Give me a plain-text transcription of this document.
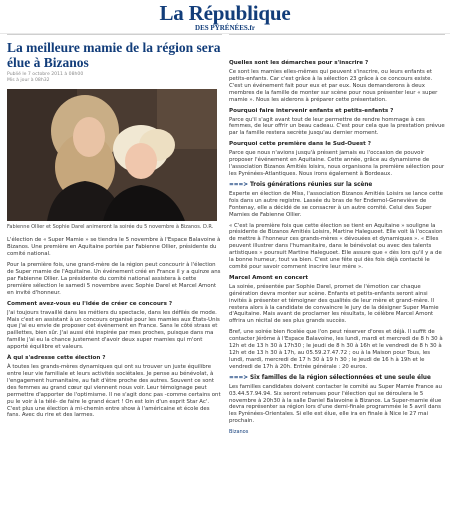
La République
DES PYRÉNÉES.fr
La meilleure mamie de la région sera élue à Bizanos
Publié le 7 octobre 2011 à 08h00
Mis à jour à 08h32
Fabienne Ollier et Sophie Darel animeront la soirée du 5 novembre à Bizanos. D.R.

L'élection de « Super Mamie » se tiendra le 5 novembre à l'Espace Balavoine à Bizanos. Une première en Aquitaine portée par Fabienne Ollier, présidente du comité national.

Pour la première fois, une grand-mère de la région peut concourir à l'élection de Super mamie de l'Aquitaine. Un événement créé en France il y a quinze ans par Fabienne Ollier. La présidente du comité national assistera à cette première sélection le samedi 5 novembre avec Sophie Darel et Marcel Amont en invité d'honneur.

Comment avez-vous eu l'idée de créer ce concours ?

J'ai toujours travaillé dans les métiers du spectacle, dans les défilés de mode. Mais c'est en assistant à un concours organisé pour les mamies aux États-Unis que j'ai eu envie de proposer cet événement en France. Sans le côté strass et paillettes, bien sûr. J'ai aussi été inspirée par mes proches, puisque dans ma famille j'ai eu la chance justement d'avoir deux super mamies qui m'ont apporté équilibre et valeurs.

À qui s'adresse cette élection ?

À toutes les grands-mères dynamiques qui ont su trouver un juste équilibre entre leur vie familiale et leurs activités sociétales. Je pense au bénévolat, à l'engagement humanitaire, au fait d'être proche des autres. Souvent ce sont des femmes au grand cœur qui viennent nous voir. Leur témoignage peut permettre d'apporter de l'optimisme. Il ne s'agit donc pas -comme certains ont pu le voir à la télé- de faire le grand écart ! On est loin d'un esprit Star Ac'. C'est plus une élection à mi-chemin entre show à l'américaine et école des fans. Avec du rire et des larmes.

Quelles sont les démarches pour s'inscrire ?

Ce sont les mamies elles-mêmes qui peuvent s'inscrire, ou leurs enfants et petits-enfants. Car c'est grâce à la sélection 23 grâce à ce concours existe. C'est un événement fait pour eux et par eux. Nous demanderons à deux membres de la famille de monter sur scène pour nous présenter leur « super mamie ». Nous les aiderons à préparer cette présentation.

Pourquoi faire intervenir enfants et petits-enfants ?

Parce qu'il s'agit avant tout de leur permettre de rendre hommage à ces femmes, de leur offrir un beau cadeau. C'est pour cela que la prestation prévue par la famille restera secrète jusqu'au dernier moment.

Pourquoi cette première dans le Sud-Ouest ?

Parce que nous n'avions jusqu'à présent jamais eu l'occasion de pouvoir proposer l'événement en Aquitaine. Cette année, grâce au dynamisme de l'association Bizanos Amitiés loisirs, nous organisons la première sélection pour les Pyrénées-Atlantiques. Nous irons également à Bordeaux.

===> Trois générations réunies sur la scène

Experte en élection de Miss, l'association Bizanos Amitiés Loisirs se lance cette fois dans un autre registre. Lassée du bras de fer Endemol-Geneviève de Fontenay, elle a décidé de se consacrer à un autre comité. Celui des Super Mamies de Fabienne Ollier.

« C'est la première fois que cette élection se tient en Aquitaine » souligne la présidente de Bizanos Amitiés Loisirs, Martine Haleguoet. Elle voit là l'occasion de mettre à l'honneur ces grands-mères « dévouées et dynamiques ». « Elles peuvent illustrer dans l'humanitaire, dans le bénévolat ou avec des talents artistiques » poursuit Martine Haleguoet. Elle assure que « dès lors qu'il y a de la bonne humeur, tout va bien. C'est une fête qui dès fois déjà contacté le comité pour savoir comment inscrire leur mère ».

Marcel Amont en concert

La soirée, présentée par Sophie Darel, promet de l'émotion car chaque génération devra monter sur scène. Enfants et petits-enfants seront ainsi invités à présenter et témoigner des qualités de leur mère et grand-mère. Il restera alors à la candidate de convaincre le jury de la désigner Super Mamie d'Aquitaine. Mais avant de proclamer les résultats, le célèbre Marcel Amont offrira un récital de ses plus grands succès.

Bref, une soirée bien ficelée que l'on peut réserver d'ores et déjà. Il suffit de contacter Jérôme à l'Espace Balavoine, les lundi, mardi et mercredi de 8 h 30 à 12h et de 13 h 30 à 17h30 ; le jeudi de 8 h 30 à 16h et le vendredi de 8 h 30 à 12h et de 13 h 30 à 17h, au 05.59.27.47.72 ; ou à la Maison pour Tous, les lundi, mardi, mercredi de 17 h 30 à 19 h 30 ; le jeudi de 16 h à 19h et le vendredi de 17h à 20h. Entrée générale : 20 euros.

===> Six familles de la région sélectionnées et une seule élue

Les familles candidates doivent contacter le comité au Super Mamie France au 03.44.57.94.94. Six seront retenues pour l'élection qui se déroulera le 5 novembre à 20h30 à la salle Daniel Balavoine à Bizanos. La Super-mamie élue devra représenter sa région lors d'une demi-finale programmée le 5 avril dans les Pyrénées-Orientales. Si elle est élue, elle ira en finale à Nice le 27 mai prochain.

Bizanos
